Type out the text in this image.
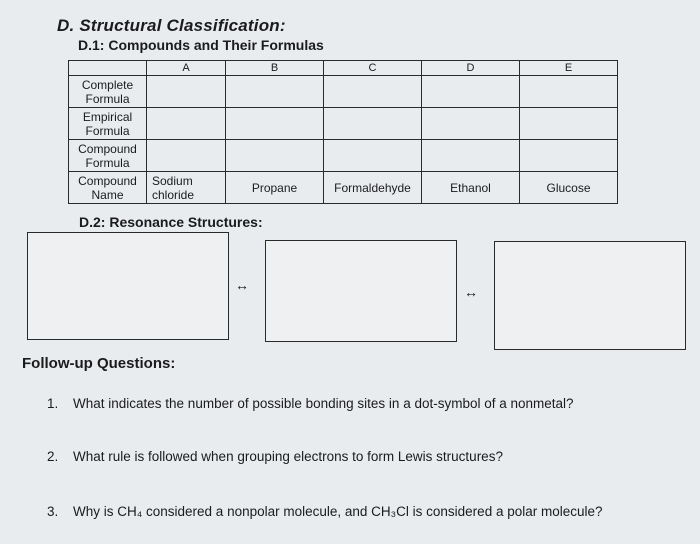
D. Structural Classification:
D.1: Compounds and Their Formulas
	A	B	C	D	E
Complete Formula					
Empirical Formula					
Compound Formula					
Compound Name	Sodium chloride	Propane	Formaldehyde	Ethanol	Glucose
D.2: Resonance Structures:
↔	↔
Follow-up Questions:
1. What indicates the number of possible bonding sites in a dot-symbol of a nonmetal?
2. What rule is followed when grouping electrons to form Lewis structures?
3. Why is CH₄ considered a nonpolar molecule, and CH₃Cl is considered a polar molecule?
